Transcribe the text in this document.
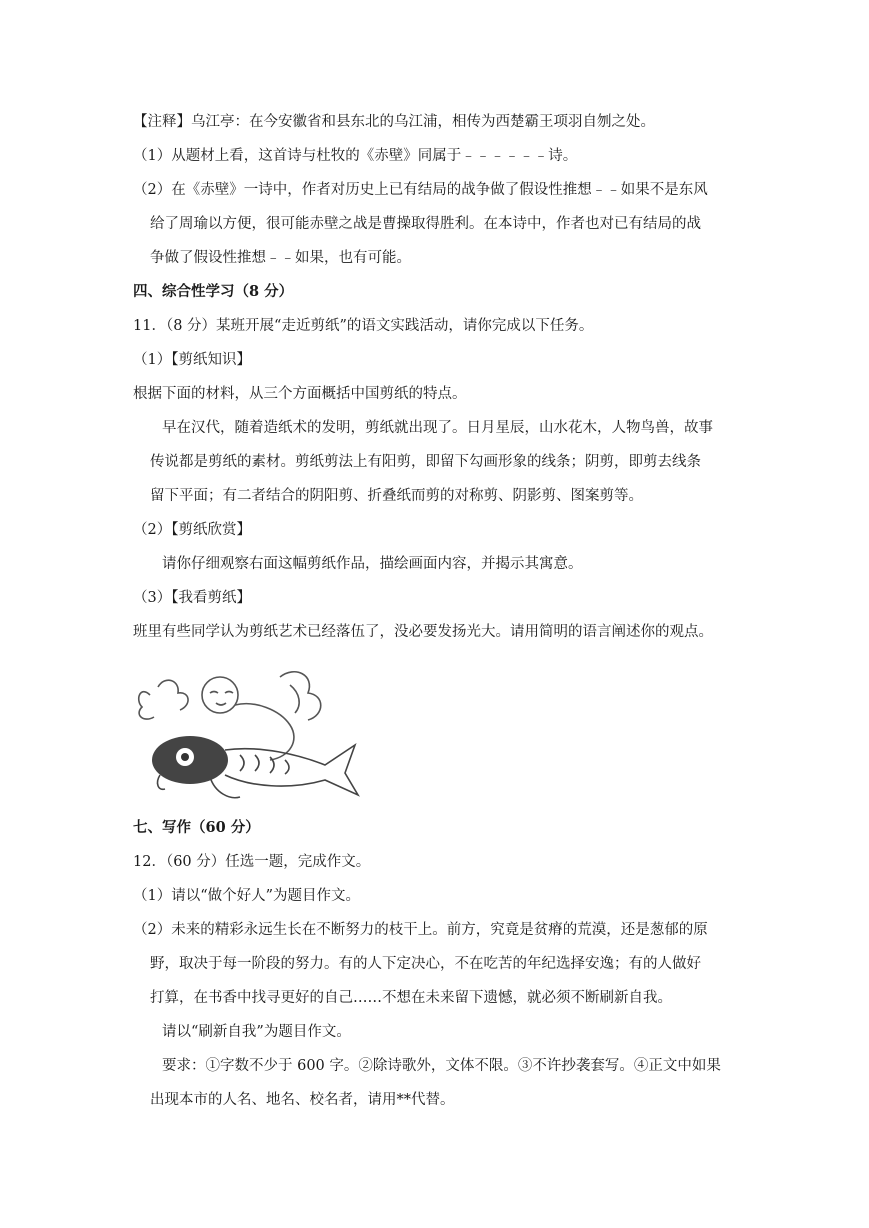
【注释】乌江亭：在今安徽省和县东北的乌江浦，相传为西楚霸王项羽自刎之处。
（1）从题材上看，这首诗与杜牧的《赤壁》同属于﹣﹣﹣﹣﹣﹣诗。
（2）在《赤壁》一诗中，作者对历史上已有结局的战争做了假设性推想﹣﹣如果不是东风
给了周瑜以方便，很可能赤壁之战是曹操取得胜利。在本诗中，作者也对已有结局的战
争做了假设性推想﹣﹣如果，也有可能。
四、综合性学习（8 分）
11．（8 分）某班开展“走近剪纸”的语文实践活动，请你完成以下任务。
（1）【剪纸知识】
根据下面的材料，从三个方面概括中国剪纸的特点。
早在汉代，随着造纸术的发明，剪纸就出现了。日月星辰，山水花木，人物鸟兽，故事
传说都是剪纸的素材。剪纸剪法上有阳剪，即留下勾画形象的线条；阴剪，即剪去线条
留下平面；有二者结合的阴阳剪、折叠纸而剪的对称剪、阴影剪、图案剪等。
（2）【剪纸欣赏】
请你仔细观察右面这幅剪纸作品，描绘画面内容，并揭示其寓意。
（3）【我看剪纸】
班里有些同学认为剪纸艺术已经落伍了，没必要发扬光大。请用简明的语言阐述你的观点。
七、写作（60 分）
12．（60 分）任选一题，完成作文。
（1）请以“做个好人”为题目作文。
（2）未来的精彩永远生长在不断努力的枝干上。前方，究竟是贫瘠的荒漠，还是葱郁的原
野，取决于每一阶段的努力。有的人下定决心，不在吃苦的年纪选择安逸；有的人做好
打算，在书香中找寻更好的自己……不想在未来留下遗憾，就必须不断刷新自我。
请以“刷新自我”为题目作文。
要求：①字数不少于 600 字。②除诗歌外，文体不限。③不许抄袭套写。④正文中如果
出现本市的人名、地名、校名者，请用**代替。
